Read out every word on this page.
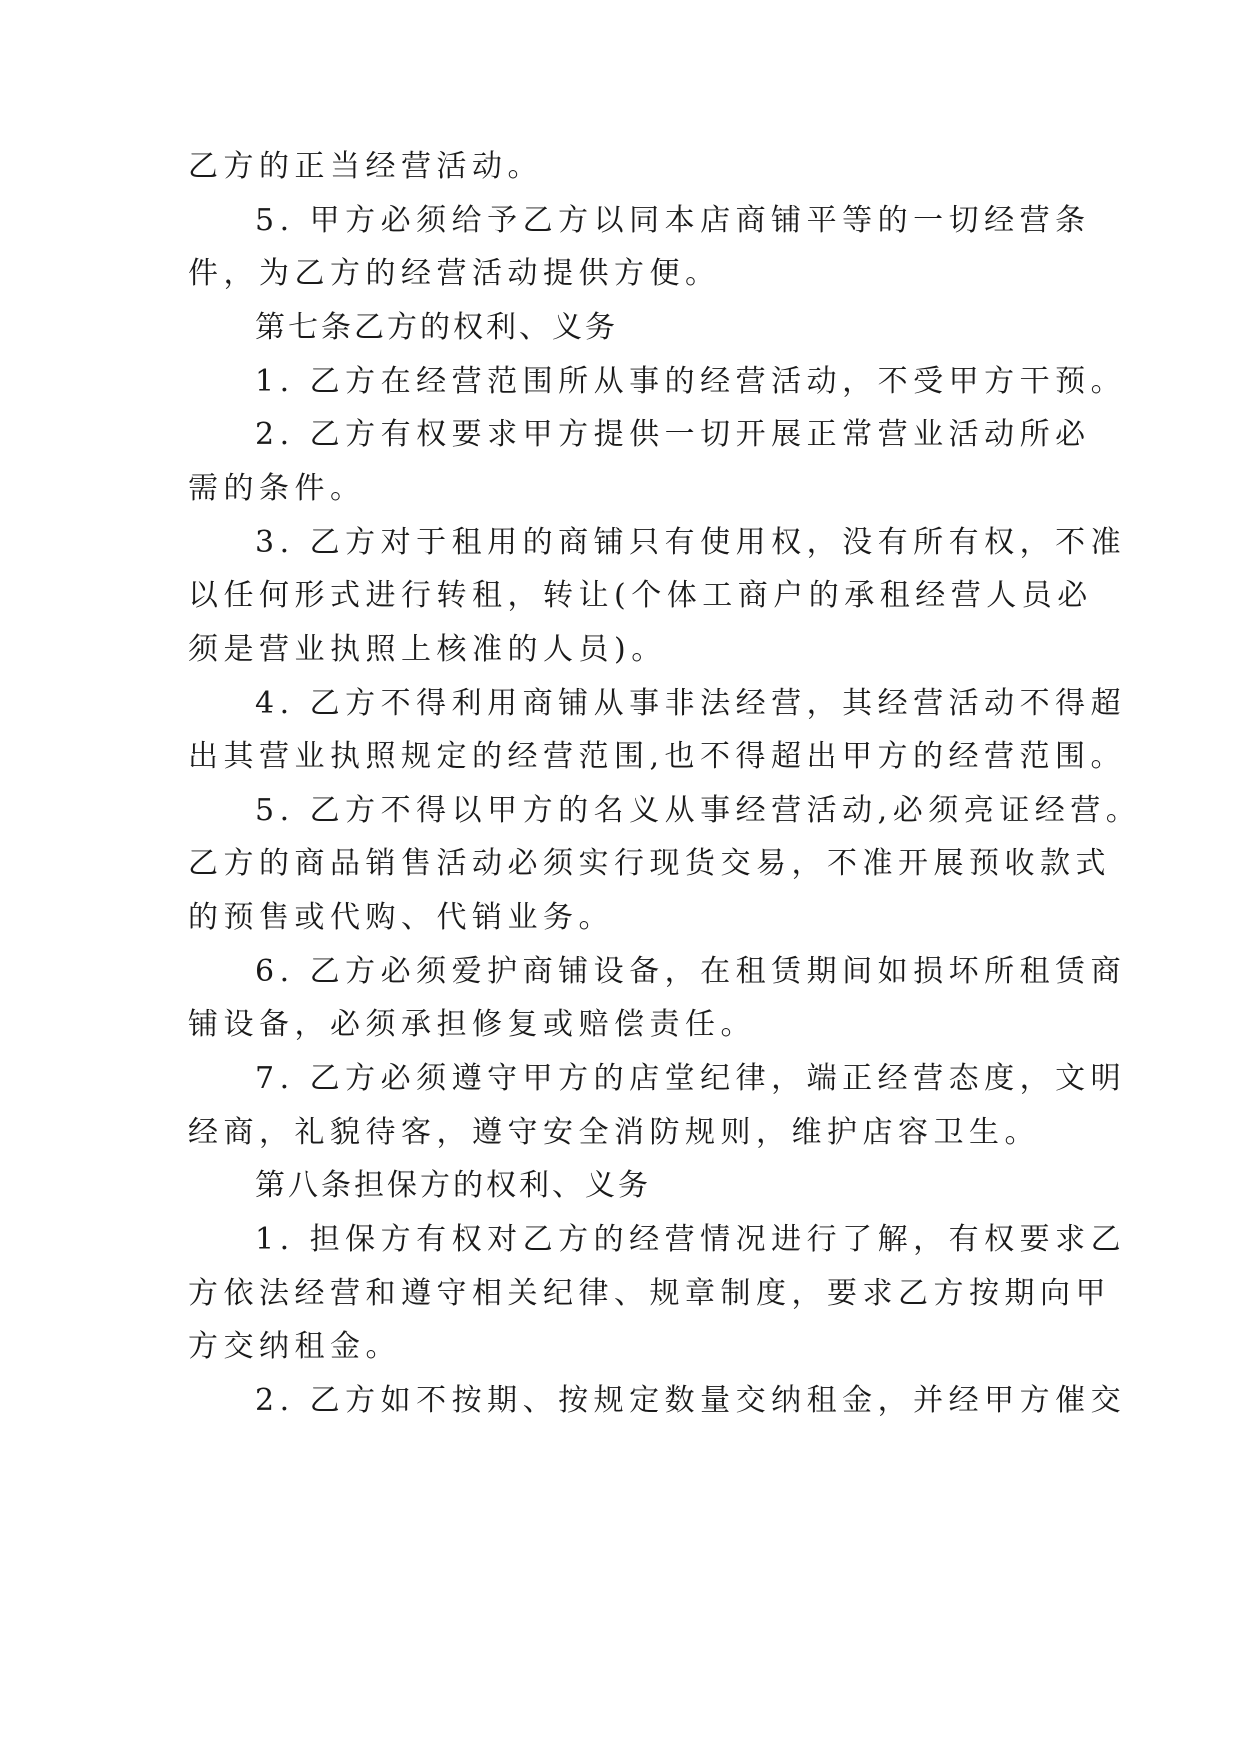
乙方的正当经营活动。
5. 甲方必须给予乙方以同本店商铺平等的一切经营条
件，为乙方的经营活动提供方便。
第七条乙方的权利、义务
1. 乙方在经营范围所从事的经营活动，不受甲方干预。
2. 乙方有权要求甲方提供一切开展正常营业活动所必
需的条件。
3. 乙方对于租用的商铺只有使用权，没有所有权，不准
以任何形式进行转租，转让(个体工商户的承租经营人员必
须是营业执照上核准的人员)。
4. 乙方不得利用商铺从事非法经营，其经营活动不得超
出其营业执照规定的经营范围,也不得超出甲方的经营范围。
5. 乙方不得以甲方的名义从事经营活动,必须亮证经营。
乙方的商品销售活动必须实行现货交易，不准开展预收款式
的预售或代购、代销业务。
6. 乙方必须爱护商铺设备，在租赁期间如损坏所租赁商
铺设备，必须承担修复或赔偿责任。
7. 乙方必须遵守甲方的店堂纪律，端正经营态度，文明
经商，礼貌待客，遵守安全消防规则，维护店容卫生。
第八条担保方的权利、义务
1. 担保方有权对乙方的经营情况进行了解，有权要求乙
方依法经营和遵守相关纪律、规章制度，要求乙方按期向甲
方交纳租金。
2. 乙方如不按期、按规定数量交纳租金，并经甲方催交
